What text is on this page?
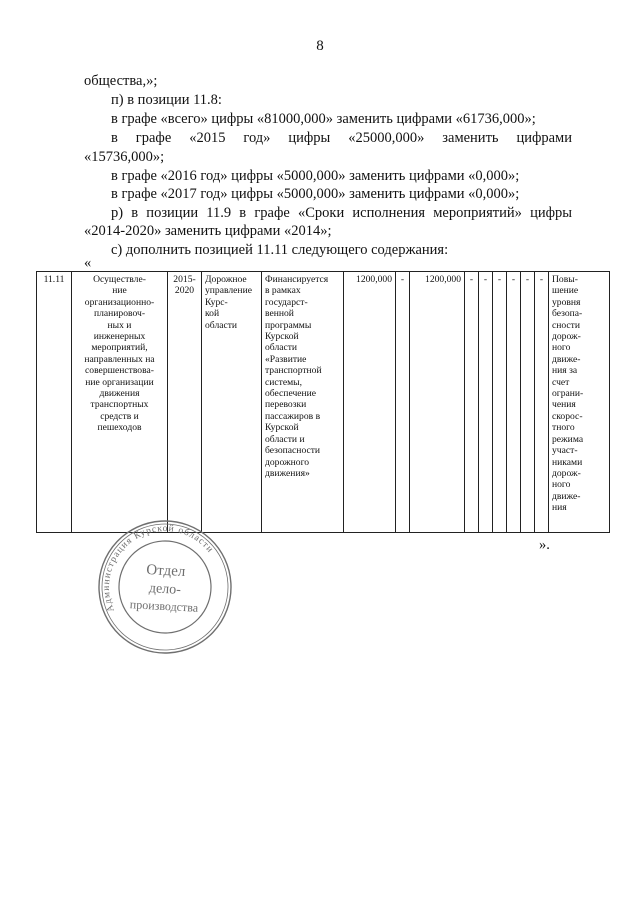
8
общества,»;
п) в позиции 11.8:
в графе «всего» цифры «81000,000» заменить цифрами «61736,000»;
в графе «2015 год» цифры «25000,000» заменить цифрами
«15736,000»;
в графе «2016 год» цифры «5000,000» заменить цифрами «0,000»;
в графе «2017 год» цифры «5000,000» заменить цифрами «0,000»;
р) в позиции 11.9 в графе «Сроки исполнения мероприятий» цифры
«2014-2020» заменить цифрами «2014»;
с) дополнить позицией 11.11 следующего содержания:
«
11.11	Осуществле-
ние
организационно-
планировоч-
ных и
инженерных
мероприятий,
направленных на
совершенствова-
ние организации
движения
транспортных
средств и
пешеходов	2015-
2020	Дорожное
управление
Курс-
кой
области	Финансируется
в рамках
государст-
венной
программы
Курской
области
«Развитие
транспортной
системы,
обеспечение
перевозки
пассажиров в
Курской
области и
безопасности
дорожного
движения»	1200,000	-	1200,000	-	-	-	-	-	-	Повы-
шение
уровня
безопа-
сности
дорож-
ного
движе-
ния за
счет
ограни-
чения
скорос-
тного
режима
участ-
никами
дорож-
ного
движе-
ния
».
Администрация Курской области
Отдел
дело-
производства
